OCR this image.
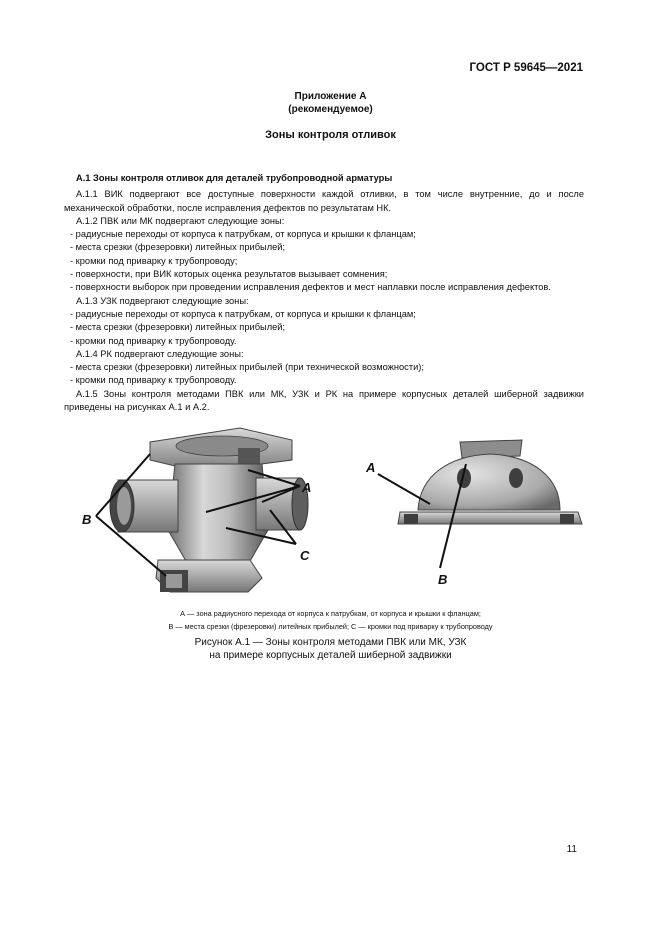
ГОСТ Р 59645—2021
Приложение А
(рекомендуемое)
Зоны контроля отливок

А.1 Зоны контроля отливок для деталей трубопроводной арматуры

А.1.1 ВИК подвергают все доступные поверхности каждой отливки, в том числе внутренние, до и после механической обработки, после исправления дефектов по результатам НК.

А.1.2 ПВК или МК подвергают следующие зоны:

- радиусные переходы от корпуса к патрубкам, от корпуса и крышки к фланцам;

- места срезки (фрезеровки) литейных прибылей;

- кромки под приварку к трубопроводу;

- поверхности, при ВИК которых оценка результатов вызывает сомнения;

- поверхности выборок при проведении исправления дефектов и мест наплавки после исправления дефектов.

А.1.3 УЗК подвергают следующие зоны:

- радиусные переходы от корпуса к патрубкам, от корпуса и крышки к фланцам;

- места срезки (фрезеровки) литейных прибылей;

- кромки под приварку к трубопроводу.

А.1.4 РК подвергают следующие зоны:

- места срезки (фрезеровки) литейных прибылей (при технической возможности);

- кромки под приварку к трубопроводу.

А.1.5 Зоны контроля методами ПВК или МК, УЗК и РК на примере корпусных деталей шиберной задвижки приведены на рисунках А.1 и А.2.

B
A
C
A
B
А — зона радиусного перехода от корпуса к патрубкам, от корпуса и крышки к фланцам;
В — места срезки (фрезеровки) литейных прибылей; С — кромки под приварку к трубопроводу
Рисунок А.1 — Зоны контроля методами ПВК или МК, УЗК
на примере корпусных деталей шиберной задвижки
11
